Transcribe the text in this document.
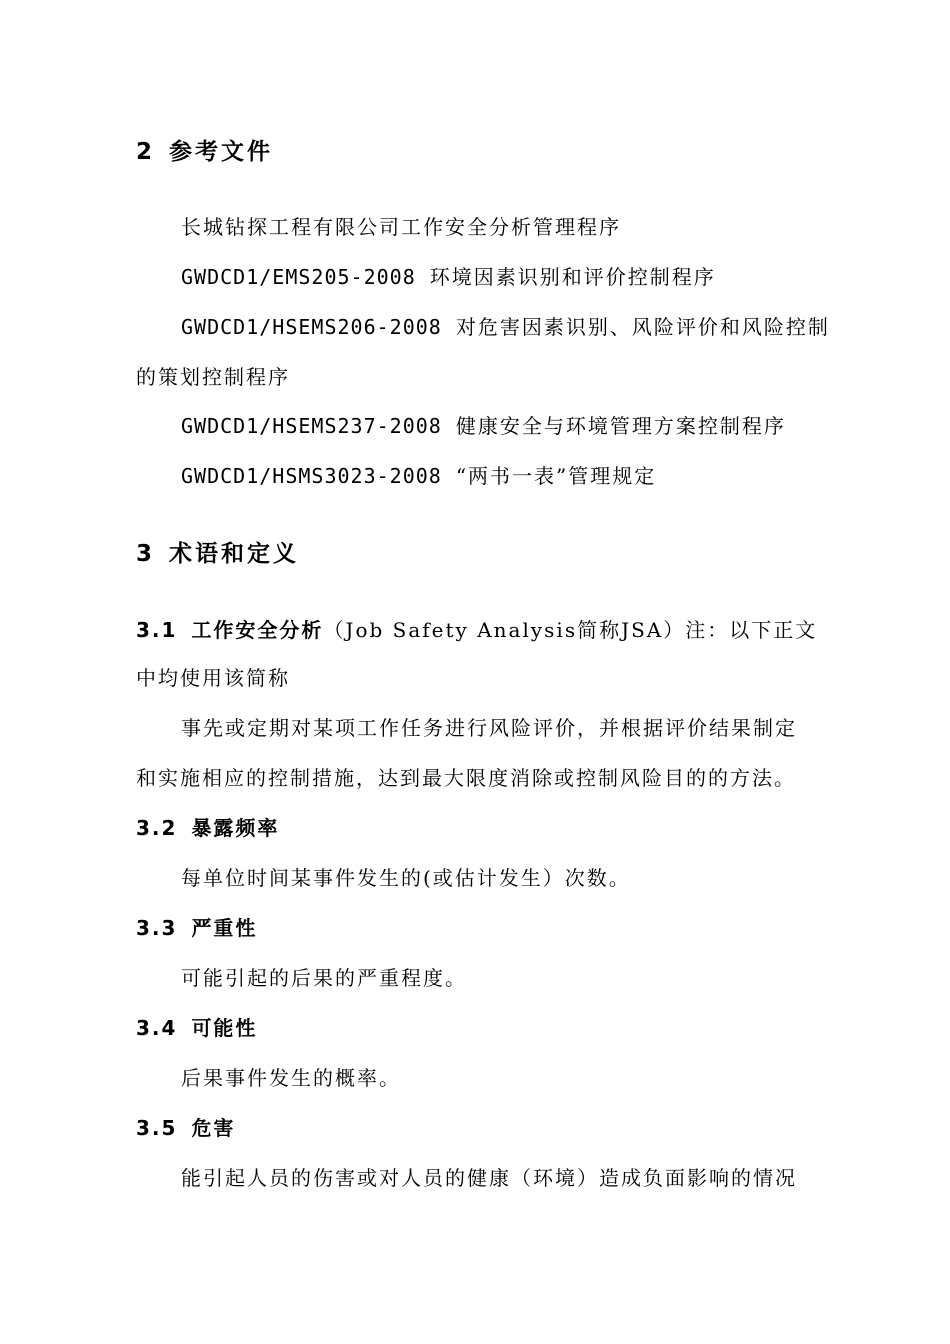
2 参考文件
长城钻探工程有限公司工作安全分析管理程序
GWDCD1/EMS205-2008 环境因素识别和评价控制程序
GWDCD1/HSEMS206-2008 对危害因素识别、风险评价和风险控制
的策划控制程序
GWDCD1/HSEMS237-2008 健康安全与环境管理方案控制程序
GWDCD1/HSMS3023-2008 “两书一表”管理规定
3 术语和定义
3.1 工作安全分析（Job Safety Analysis简称JSA）注：以下正文
中均使用该简称
事先或定期对某项工作任务进行风险评价，并根据评价结果制定
和实施相应的控制措施，达到最大限度消除或控制风险目的的方法。
3.2 暴露频率
每单位时间某事件发生的(或估计发生）次数。
3.3 严重性
可能引起的后果的严重程度。
3.4 可能性
后果事件发生的概率。
3.5 危害
能引起人员的伤害或对人员的健康（环境）造成负面影响的情况
